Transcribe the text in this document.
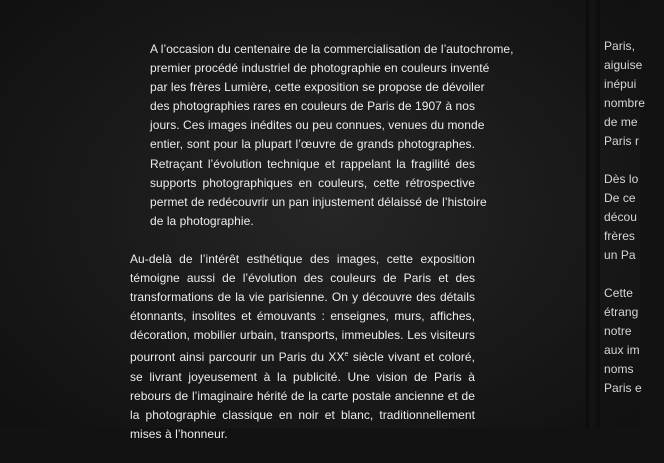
A l’occasion du centenaire de la commercialisation de l’autochrome,
premier procédé industriel de photographie en couleurs inventé
par les frères Lumière, cette exposition se propose de dévoiler
des photographies rares en couleurs de Paris de 1907 à nos
jours. Ces images inédites ou peu connues, venues du monde
entier, sont pour la plupart l’œuvre de grands photographes.
Retraçant l’évolution technique et rappelant la fragilité des
supports photographiques en couleurs, cette rétrospective
permet de redécouvrir un pan injustement délaissé de l’histoire
de la photographie.

Au-delà de l’intérêt esthétique des images, cette exposition
témoigne aussi de l’évolution des couleurs de Paris et des
transformations de la vie parisienne. On y découvre des détails
étonnants, insolites et émouvants : enseignes, murs, affiches,
décoration, mobilier urbain, transports, immeubles. Les visiteurs
pourront ainsi parcourir un Paris du XXe siècle vivant et coloré,
se livrant joyeusement à la publicité. Une vision de Paris à
rebours de l’imaginaire hérité de la carte postale ancienne et de
la photographie classique en noir et blanc, traditionnellement
mises à l’honneur.

Paris,
aiguise
inépui
nombre
de me
Paris r

Dès lo
De ce
décou
frères
un Pa

Cette
étrang
notre
aux im
noms
Paris e
